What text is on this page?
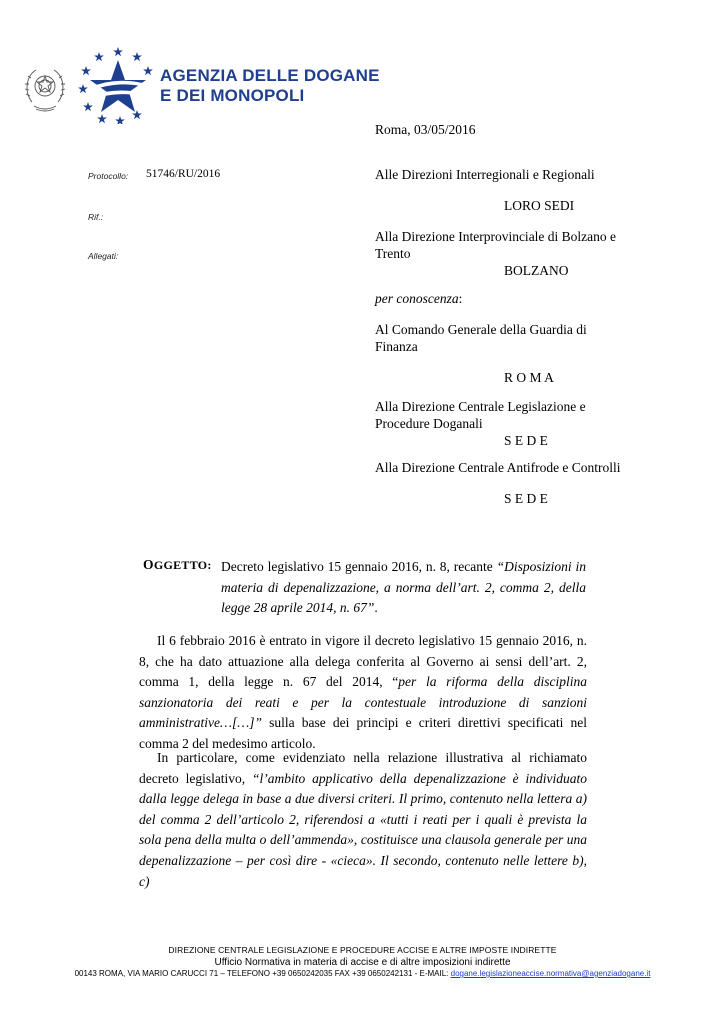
AGENZIA DELLE DOGANE
E DEI MONOPOLI
Roma, 03/05/2016
Protocollo: 51746/RU/2016
Rif.:
Allegati:
Alle Direzioni Interregionali e Regionali
LORO SEDI
Alla Direzione Interprovinciale di Bolzano e Trento
BOLZANO
per conoscenza:
Al Comando Generale della Guardia di Finanza
R O M A
Alla Direzione Centrale Legislazione e Procedure Doganali
S E D E
Alla Direzione Centrale Antifrode e Controlli
S E D E
OGGETTO: Decreto legislativo 15 gennaio 2016, n. 8, recante “Disposizioni in materia di depenalizzazione, a norma dell’art. 2, comma 2, della legge 28 aprile 2014, n. 67”.

Il 6 febbraio 2016 è entrato in vigore il decreto legislativo 15 gennaio 2016, n. 8, che ha dato attuazione alla delega conferita al Governo ai sensi dell’art. 2, comma 1, della legge n. 67 del 2014, “per la riforma della disciplina sanzionatoria dei reati e per la contestuale introduzione di sanzioni amministrative…[…]” sulla base dei principi e criteri direttivi specificati nel comma 2 del medesimo articolo.

In particolare, come evidenziato nella relazione illustrativa al richiamato decreto legislativo, “l’ambito applicativo della depenalizzazione è individuato dalla legge delega in base a due diversi criteri. Il primo, contenuto nella lettera a) del comma 2 dell’articolo 2, riferendosi a «tutti i reati per i quali è prevista la sola pena della multa o dell’ammenda», costituisce una clausola generale per una depenalizzazione – per così dire - «cieca». Il secondo, contenuto nelle lettere b), c)

DIREZIONE CENTRALE LEGISLAZIONE E PROCEDURE ACCISE E ALTRE IMPOSTE INDIRETTE
Ufficio Normativa in materia di accise e di altre imposizioni indirette
00143 ROMA, VIA MARIO CARUCCI 71 – TELEFONO +39 0650242035 FAX +39 0650242131 - E-MAIL: dogane.legislazioneaccise.normativa@agenziadogane.it
